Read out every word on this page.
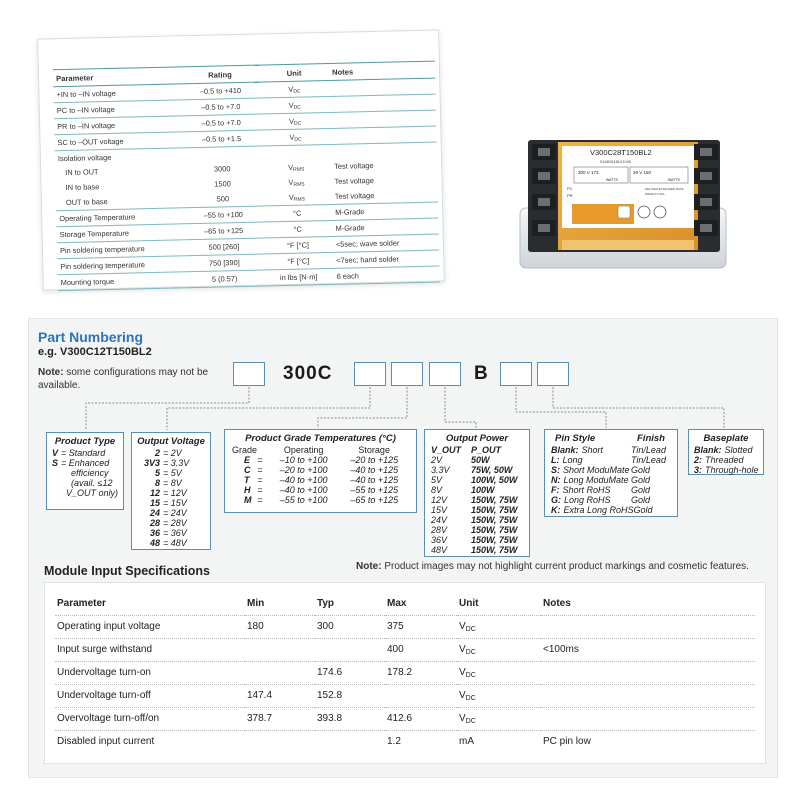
Parameter	Rating	Unit	Notes
+IN to –IN voltage	–0.5 to +410	VDC	
PC to –IN voltage	–0.5 to +7.0	VDC	
PR to –IN voltage	–0.5 to +7.0	VDC	
SC to –OUT voltage	–0.5 to +1.5	VDC	
Isolation voltage			
IN to OUT	3000	VRMS	Test voltage
IN to base	1500	VRMS	Test voltage
OUT to base	500	VRMS	Test voltage
Operating Temperature	–55 to +100	°C	M-Grade
Storage Temperature	–65 to +125	°C	M-Grade
Pin soldering temperature	500 [260]	°F [°C]	<5sec; wave solder
Pin soldering temperature	750 [390]	°F [°C]	<7sec; hand solder
Mounting torque	5 (0.57)	in lbs [N·m]	6 each
V300C28T150BL2
01681618121040
300 V 173	28 V 150
WATTS	WATTS
DELIVER EXTENDED RATE
MADE IN USA
PC
PR
Part Numbering
e.g. V300C12T150BL2
Note: some configurations may not be available.
300C	B
Product Type
V = Standard
S = Enhanced
efficiency
(avail. ≤12
V_OUT only)
Output Voltage
2 = 2V
3V3 = 3.3V
5 = 5V
8 = 8V
12 = 12V
15 = 15V
24 = 24V
28 = 28V
36 = 36V
48 = 48V
Product Grade Temperatures (°C)
Grade	Operating	Storage
E =	–10 to +100	–20 to +125
C =	–20 to +100	–40 to +125
T =	–40 to +100	–40 to +125
H =	–40 to +100	–55 to +125
M =	–55 to +100	–65 to +125
Output Power
V_OUT	P_OUT
2V	50W
3.3V	75W, 50W
5V	100W, 50W
8V	100W
12V	150W, 75W
15V	150W, 75W
24V	150W, 75W
28V	150W, 75W
36V	150W, 75W
48V	150W, 75W
Pin Style	Finish
Blank: Short	Tin/Lead
L: Long	Tin/Lead
S: Short ModuMate Gold
N: Long ModuMate Gold
F: Short RoHS	Gold
G: Long RoHS	Gold
K: Extra Long RoHS Gold
Baseplate
Blank: Slotted
2: Threaded
3: Through-hole
Module Input Specifications	Note: Product images may not highlight current product markings and cosmetic features.
Parameter	Min	Typ	Max	Unit	Notes
Operating input voltage	180	300	375	$V_{DC}$	
Input surge withstand			400	$V_{DC}$	<100ms
Undervoltage turn-on		174.6	178.2	$V_{DC}$	
Undervoltage turn-off	147.4	152.8		$V_{DC}$	
Overvoltage turn-off/on	378.7	393.8	412.6	$V_{DC}$	
Disabled input current			1.2	mA	PC pin low
